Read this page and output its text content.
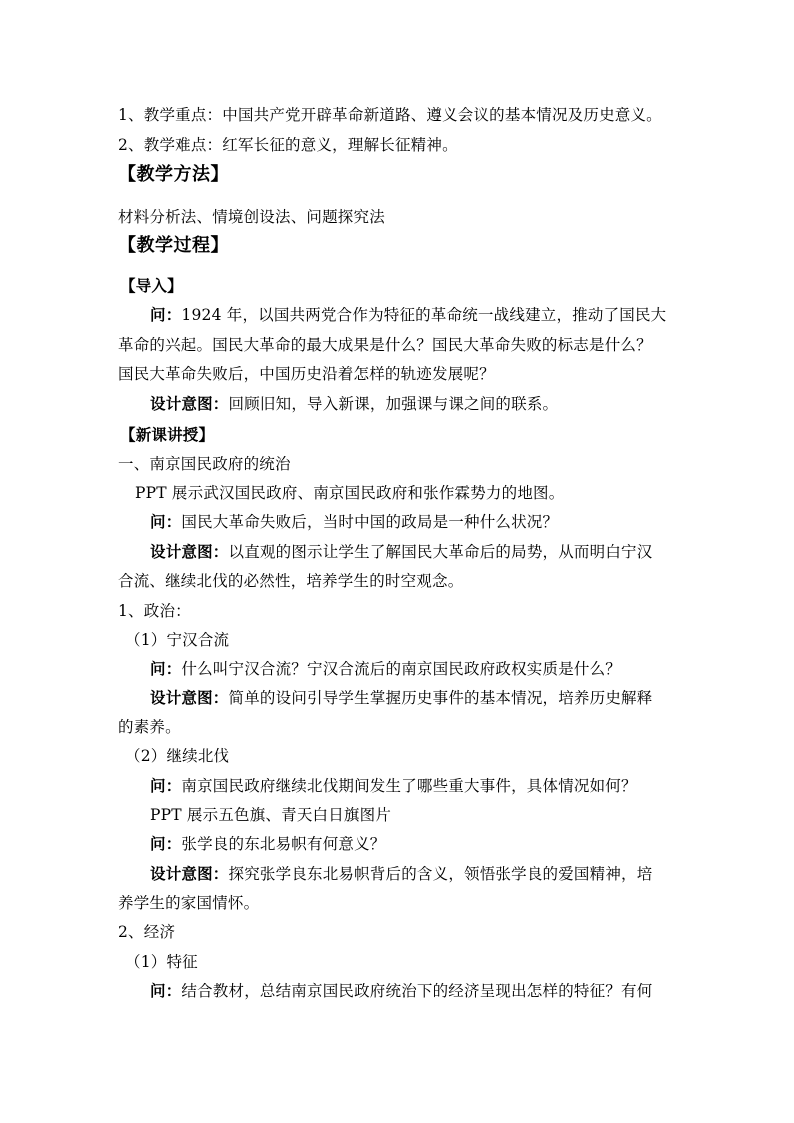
1、教学重点：中国共产党开辟革命新道路、遵义会议的基本情况及历史意义。
2、教学难点：红军长征的意义，理解长征精神。
【教学方法】
材料分析法、情境创设法、问题探究法
【教学过程】
【导入】
问：1924 年，以国共两党合作为特征的革命统一战线建立，推动了国民大
革命的兴起。国民大革命的最大成果是什么？国民大革命失败的标志是什么？
国民大革命失败后，中国历史沿着怎样的轨迹发展呢？
设计意图：回顾旧知，导入新课，加强课与课之间的联系。
【新课讲授】
一、南京国民政府的统治
PPT 展示武汉国民政府、南京国民政府和张作霖势力的地图。
问：国民大革命失败后，当时中国的政局是一种什么状况？
设计意图：以直观的图示让学生了解国民大革命后的局势，从而明白宁汉
合流、继续北伐的必然性，培养学生的时空观念。
1、政治：
（1）宁汉合流
问：什么叫宁汉合流？宁汉合流后的南京国民政府政权实质是什么？
设计意图：简单的设问引导学生掌握历史事件的基本情况，培养历史解释
的素养。
（2）继续北伐
问：南京国民政府继续北伐期间发生了哪些重大事件，具体情况如何？
PPT 展示五色旗、青天白日旗图片
问：张学良的东北易帜有何意义？
设计意图：探究张学良东北易帜背后的含义，领悟张学良的爱国精神，培
养学生的家国情怀。
2、经济
（1）特征
问：结合教材，总结南京国民政府统治下的经济呈现出怎样的特征？有何
